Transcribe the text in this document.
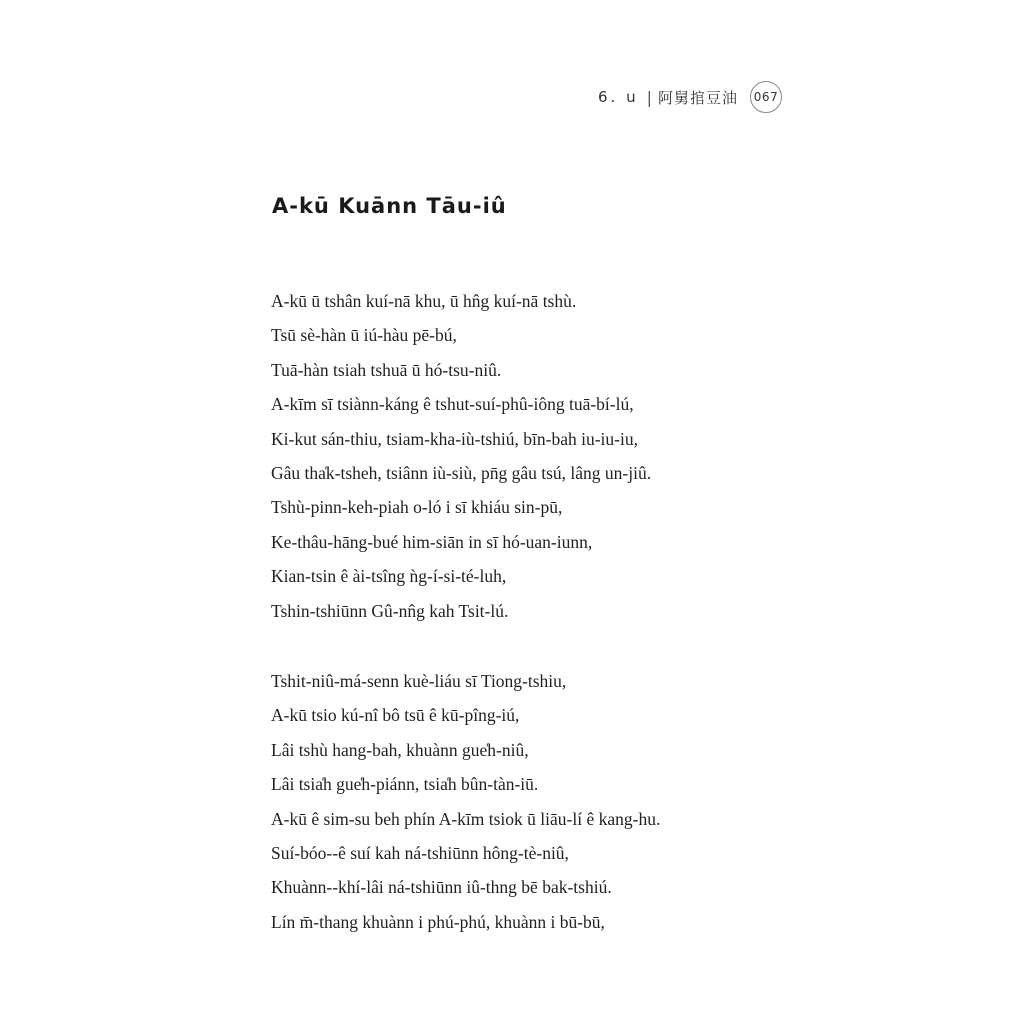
6. u | 阿舅捾豆油	067
A-kū Kuānn Tāu-iû
A-kū ū tshân kuí-nā khu, ū hn̂g kuí-nā tshù.
Tsū sè-hàn ū iú-hàu pē-bú,
Tuā-hàn tsiah tshuā ū hó-tsu-niû.
A-kīm sī tsiànn-káng ê tshut-suí-phû-iông tuā-bí-lú,
Ki-kut sán-thiu, tsiam-kha-iù-tshiú, bīn-bah iu-iu-iu,
Gâu tha̍k-tsheh, tsiânn iù-siù, pn̄g gâu tsú, lâng un-jiû.
Tshù-pinn-keh-piah o-ló i sī khiáu sin-pū,
Ke-thâu-hāng-bué him-siān in sī hó-uan-iunn,
Kian-tsin ê ài-tsîng ǹg-í-si-té-luh,
Tshin-tshiūnn Gû-nn̂g kah Tsit-lú.
Tshit-niû-má-senn kuè-liáu sī Tiong-tshiu,
A-kū tsio kú-nî bô tsū ê kū-pîng-iú,
Lâi tshù hang-bah, khuànn gue̍h-niû,
Lâi tsia̍h gue̍h-piánn, tsia̍h bûn-tàn-iū.
A-kū ê sim-su beh phín A-kīm tsiok ū liāu-lí ê kang-hu.
Suí-bóo--ê suí kah ná-tshiūnn hông-tè-niû,
Khuànn--khí-lâi ná-tshiūnn iû-thng bē bak-tshiú.
Lín m̄-thang khuànn i phú-phú, khuànn i bū-bū,
